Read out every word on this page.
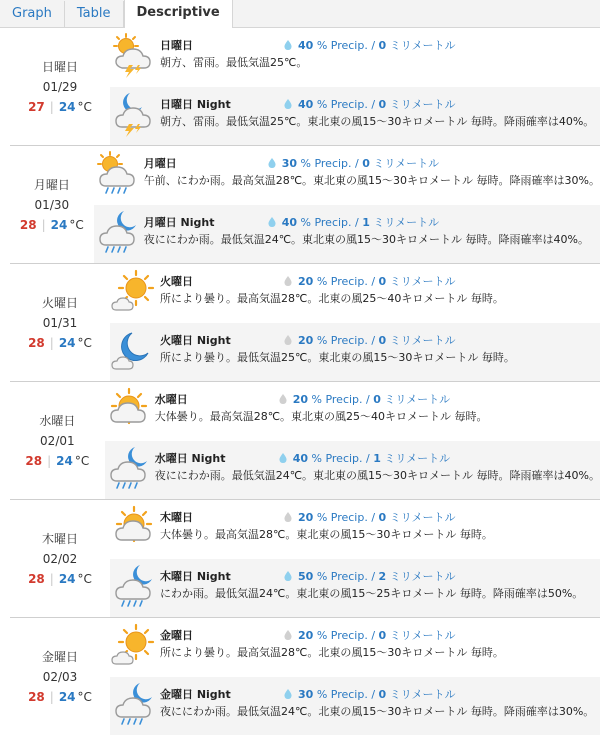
Graph	Table	Descriptive
日曜日
01/29
27 | 24 °C
日曜日	40
% Precip. /
0
ミリメートル
朝方、雷雨。最低気温25℃。
日曜日 Night	40
% Precip. /
0
ミリメートル
朝方、雷雨。最低気温25℃。東北東の風15～30キロメートル 毎時。降雨確率は40%。
月曜日
01/30
28 | 24 °C
月曜日	30
% Precip. /
0
ミリメートル
午前、にわか雨。最高気温28℃。東北東の風15～30キロメートル 毎時。降雨確率は30%。
月曜日 Night	40
% Precip. /
1
ミリメートル
夜ににわか雨。最低気温24℃。東北東の風15～30キロメートル 毎時。降雨確率は40%。
火曜日
01/31
28 | 24 °C
火曜日	20
% Precip. /
0
ミリメートル
所により曇り。最高気温28℃。北東の風25～40キロメートル 毎時。
火曜日 Night	20
% Precip. /
0
ミリメートル
所により曇り。最低気温25℃。東北東の風15～30キロメートル 毎時。
水曜日
02/01
28 | 24 °C
水曜日	20
% Precip. /
0
ミリメートル
大体曇り。最高気温28℃。東北東の風25～40キロメートル 毎時。
水曜日 Night	40
% Precip. /
1
ミリメートル
夜ににわか雨。最低気温24℃。東北東の風15～30キロメートル 毎時。降雨確率は40%。
木曜日
02/02
28 | 24 °C
木曜日	20
% Precip. /
0
ミリメートル
大体曇り。最高気温28℃。東北東の風15～30キロメートル 毎時。
木曜日 Night	50
% Precip. /
2
ミリメートル
にわか雨。最低気温24℃。東北東の風15～25キロメートル 毎時。降雨確率は50%。
金曜日
02/03
28 | 24 °C
金曜日	20
% Precip. /
0
ミリメートル
所により曇り。最高気温28℃。北東の風15～30キロメートル 毎時。
金曜日 Night	30
% Precip. /
0
ミリメートル
夜ににわか雨。最低気温24℃。北東の風15～30キロメートル 毎時。降雨確率は30%。
